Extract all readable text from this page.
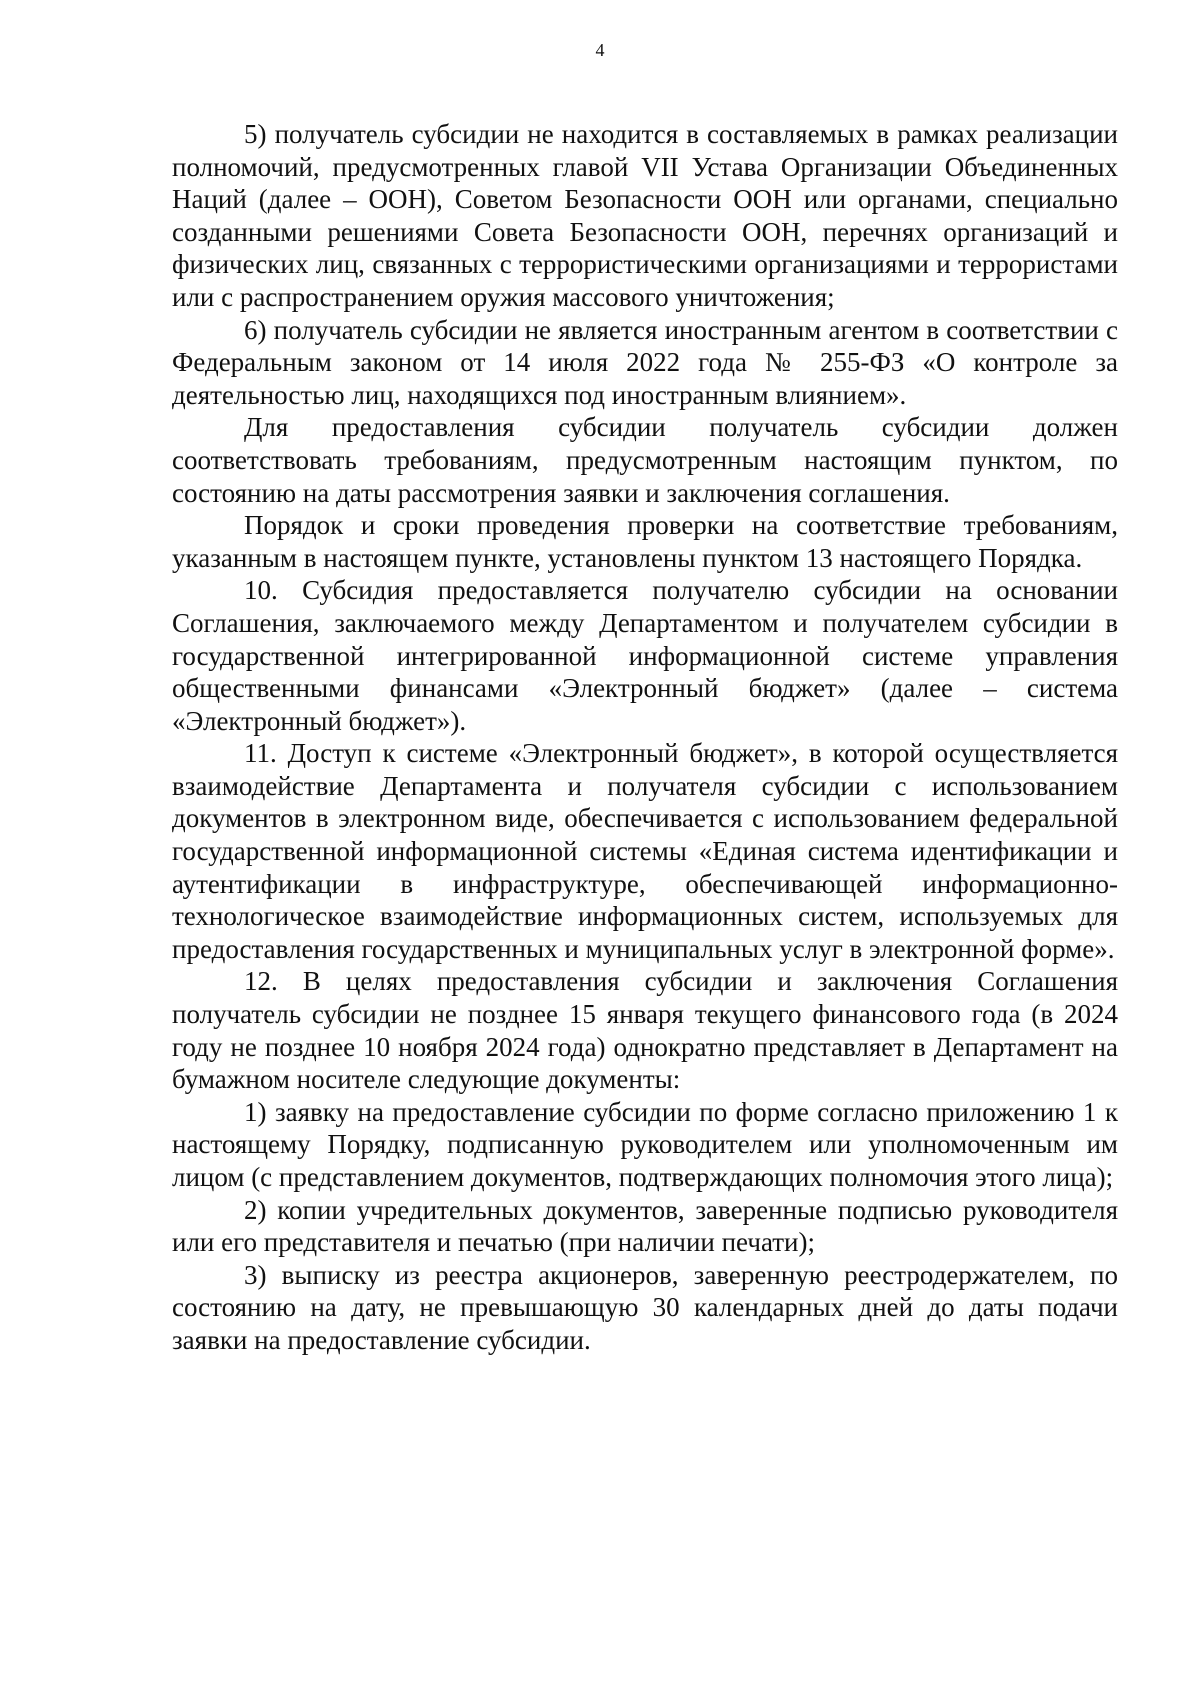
4

5) получатель субсидии не находится в составляемых в рамках реализации полномочий, предусмотренных главой VII Устава Организации Объединенных Наций (далее – ООН), Советом Безопасности ООН или органами, специально созданными решениями Совета Безопасности ООН, перечнях организаций и физических лиц, связанных с террористическими организациями и террористами или с распространением оружия массового уничтожения;

6) получатель субсидии не является иностранным агентом в соответствии с Федеральным законом от 14 июля 2022 года № 255-ФЗ «О контроле за деятельностью лиц, находящихся под иностранным влиянием».

Для предоставления субсидии получатель субсидии должен соответствовать требованиям, предусмотренным настоящим пунктом, по состоянию на даты рассмотрения заявки и заключения соглашения.

Порядок и сроки проведения проверки на соответствие требованиям, указанным в настоящем пункте, установлены пунктом 13 настоящего Порядка.

10. Субсидия предоставляется получателю субсидии на основании Соглашения, заключаемого между Департаментом и получателем субсидии в государственной интегрированной информационной системе управления общественными финансами «Электронный бюджет» (далее – система «Электронный бюджет»).

11. Доступ к системе «Электронный бюджет», в которой осуществляется взаимодействие Департамента и получателя субсидии с использованием документов в электронном виде, обеспечивается с использованием федеральной государственной информационной системы «Единая система идентификации и аутентификации в инфраструктуре, обеспечивающей информационно-технологическое взаимодействие информационных систем, используемых для предоставления государственных и муниципальных услуг в электронной форме».

12. В целях предоставления субсидии и заключения Соглашения получатель субсидии не позднее 15 января текущего финансового года (в 2024 году не позднее 10 ноября 2024 года) однократно представляет в Департамент на бумажном носителе следующие документы:

1) заявку на предоставление субсидии по форме согласно приложению 1 к настоящему Порядку, подписанную руководителем или уполномоченным им лицом (с представлением документов, подтверждающих полномочия этого лица);

2) копии учредительных документов, заверенные подписью руководителя или его представителя и печатью (при наличии печати);

3) выписку из реестра акционеров, заверенную реестродержателем, по состоянию на дату, не превышающую 30 календарных дней до даты подачи заявки на предоставление субсидии.
